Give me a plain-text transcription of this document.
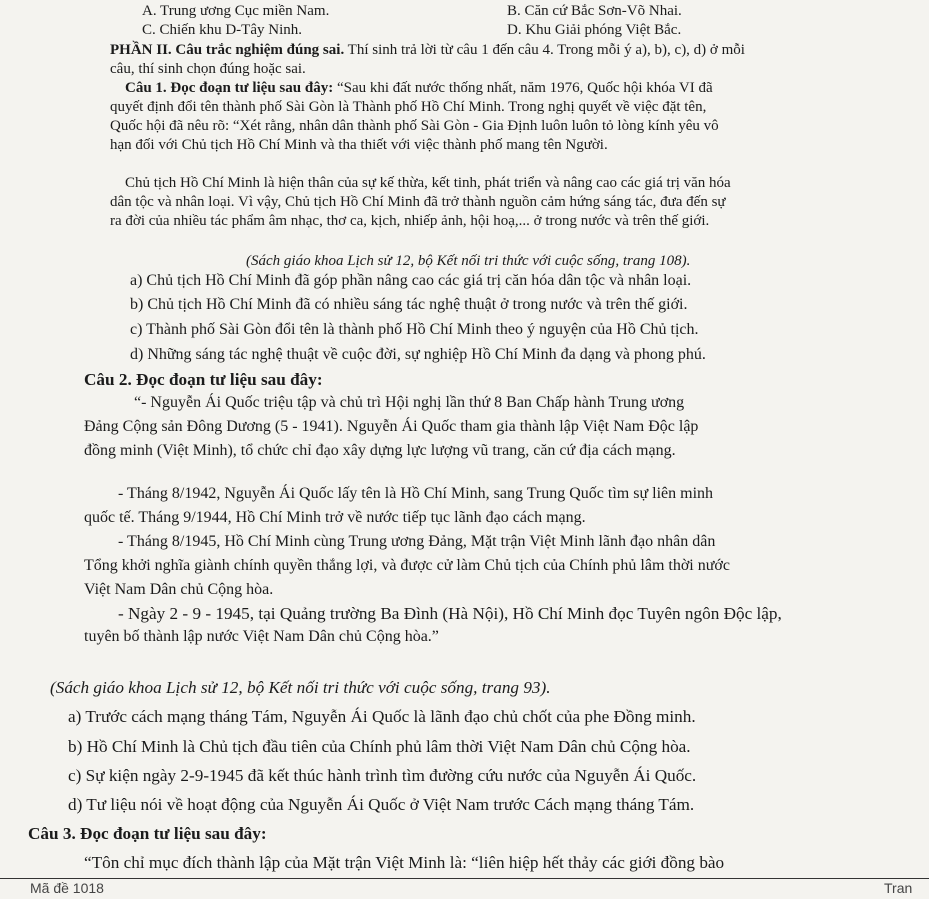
A. Trung ương Cục miền Nam.	B. Căn cứ Bắc Sơn-Võ Nhai.
C. Chiến khu D-Tây Ninh.	D. Khu Giải phóng Việt Bắc.
PHẦN II. Câu trắc nghiệm đúng sai. Thí sinh trả lời từ câu 1 đến câu 4. Trong mỗi ý a), b), c), d) ở mỗi
câu, thí sinh chọn đúng hoặc sai.
Câu 1. Đọc đoạn tư liệu sau đây: “Sau khi đất nước thống nhất, năm 1976, Quốc hội khóa VI đã
quyết định đổi tên thành phố Sài Gòn là Thành phố Hồ Chí Minh. Trong nghị quyết về việc đặt tên,
Quốc hội đã nêu rõ: “Xét rằng, nhân dân thành phố Sài Gòn - Gia Định luôn luôn tỏ lòng kính yêu vô
hạn đối với Chủ tịch Hồ Chí Minh và tha thiết với việc thành phố mang tên Người.
Chủ tịch Hồ Chí Minh là hiện thân của sự kế thừa, kết tinh, phát triển và nâng cao các giá trị văn hóa
dân tộc và nhân loại. Vì vậy, Chủ tịch Hồ Chí Minh đã trở thành nguồn cảm hứng sáng tác, đưa đến sự
ra đời của nhiều tác phẩm âm nhạc, thơ ca, kịch, nhiếp ảnh, hội hoạ,... ở trong nước và trên thế giới.
(Sách giáo khoa Lịch sử 12, bộ Kết nối tri thức với cuộc sống, trang 108).
a) Chủ tịch Hồ Chí Minh đã góp phần nâng cao các giá trị căn hóa dân tộc và nhân loại.
b) Chủ tịch Hồ Chí Minh đã có nhiều sáng tác nghệ thuật ở trong nước và trên thế giới.
c) Thành phố Sài Gòn đổi tên là thành phố Hồ Chí Minh theo ý nguyện của Hồ Chủ tịch.
d) Những sáng tác nghệ thuật về cuộc đời, sự nghiệp Hồ Chí Minh đa dạng và phong phú.
Câu 2. Đọc đoạn tư liệu sau đây:
“- Nguyễn Ái Quốc triệu tập và chủ trì Hội nghị lần thứ 8 Ban Chấp hành Trung ương
Đảng Cộng sản Đông Dương (5 - 1941). Nguyễn Ái Quốc tham gia thành lập Việt Nam Độc lập
đồng minh (Việt Minh), tổ chức chỉ đạo xây dựng lực lượng vũ trang, căn cứ địa cách mạng.
- Tháng 8/1942, Nguyễn Ái Quốc lấy tên là Hồ Chí Minh, sang Trung Quốc tìm sự liên minh
quốc tế. Tháng 9/1944, Hồ Chí Minh trở về nước tiếp tục lãnh đạo cách mạng.
- Tháng 8/1945, Hồ Chí Minh cùng Trung ương Đảng, Mặt trận Việt Minh lãnh đạo nhân dân
Tổng khởi nghĩa giành chính quyền thắng lợi, và được cử làm Chủ tịch của Chính phủ lâm thời nước
Việt Nam Dân chủ Cộng hòa.
- Ngày 2 - 9 - 1945, tại Quảng trường Ba Đình (Hà Nội), Hồ Chí Minh đọc Tuyên ngôn Độc lập,
tuyên bố thành lập nước Việt Nam Dân chủ Cộng hòa.”
(Sách giáo khoa Lịch sử 12, bộ Kết nối tri thức với cuộc sống, trang 93).
a) Trước cách mạng tháng Tám, Nguyễn Ái Quốc là lãnh đạo chủ chốt của phe Đồng minh.
b) Hồ Chí Minh là Chủ tịch đầu tiên của Chính phủ lâm thời Việt Nam Dân chủ Cộng hòa.
c) Sự kiện ngày 2-9-1945 đã kết thúc hành trình tìm đường cứu nước của Nguyễn Ái Quốc.
d) Tư liệu nói về hoạt động của Nguyễn Ái Quốc ở Việt Nam trước Cách mạng tháng Tám.
Câu 3. Đọc đoạn tư liệu sau đây:
“Tôn chỉ mục đích thành lập của Mặt trận Việt Minh là: “liên hiệp hết thảy các giới đồng bào
Mã đề 1018	Tran
